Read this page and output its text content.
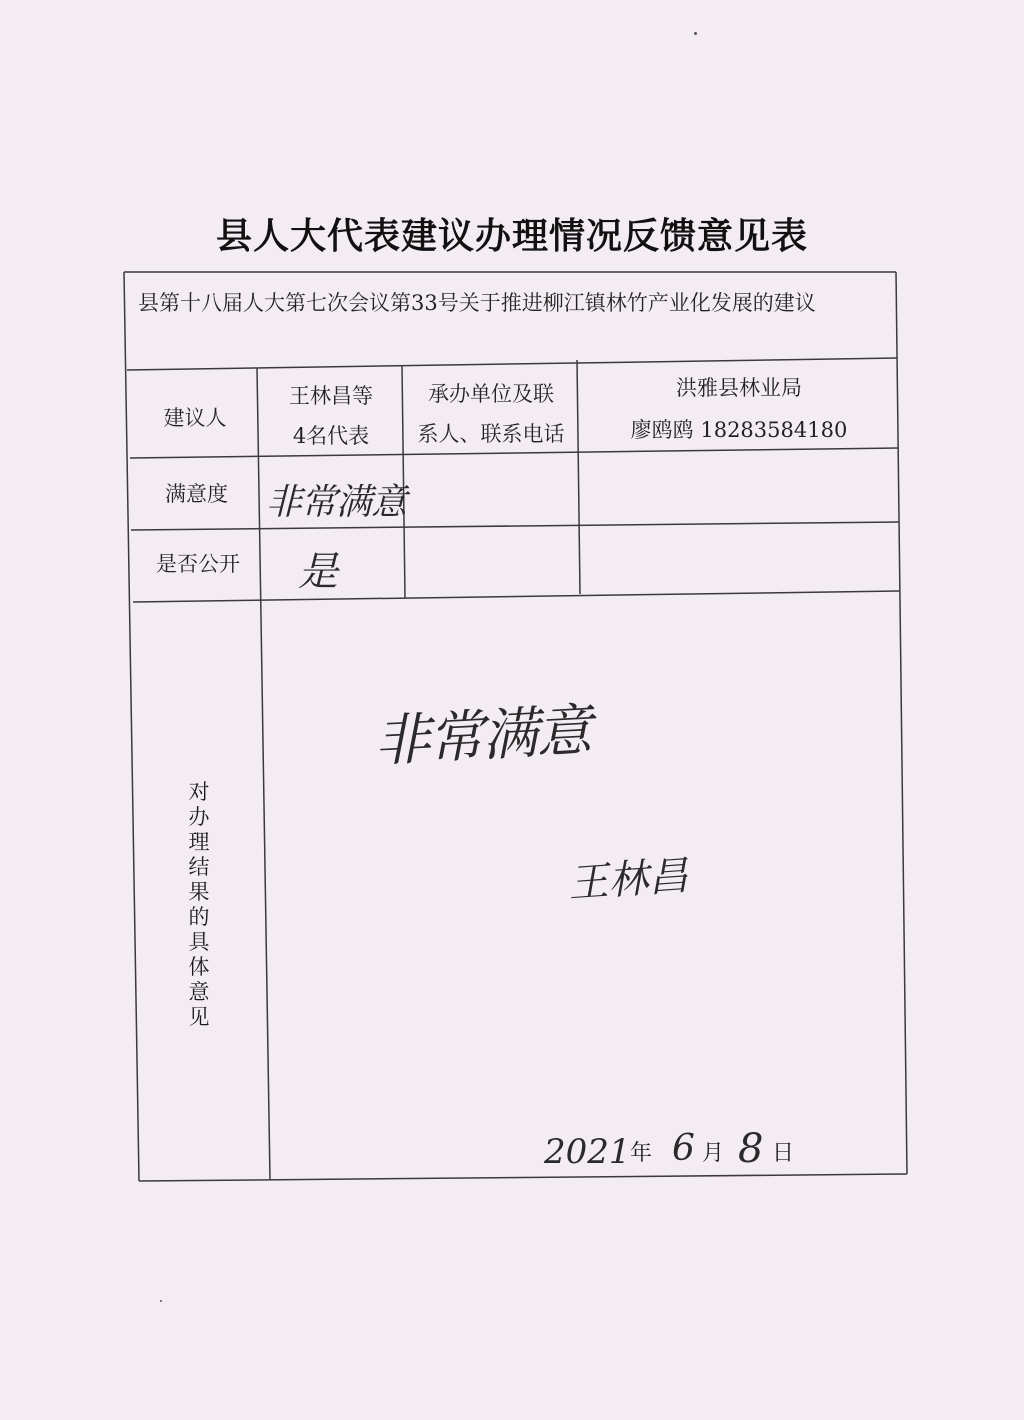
县人大代表建议办理情况反馈意见表
县第十八届人大第七次会议第33号关于推进柳江镇林竹产业化发展的建议
建议人
王林昌等
4名代表
承办单位及联
系人、联系电话
洪雅县林业局
廖鸥鸥 18283584180
满意度	非常满意
是否公开	是
对办理结果的具体意见
非常满意
王林昌
2021 年 6 月 8 日
